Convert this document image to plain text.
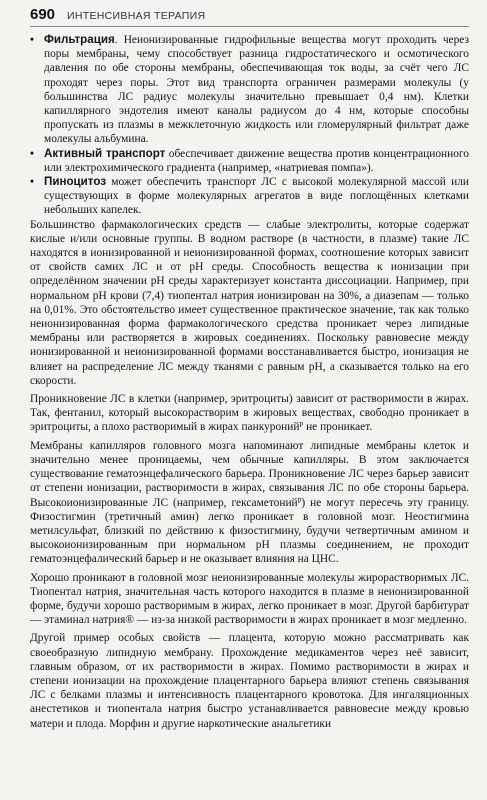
690 ИНТЕНСИВНАЯ ТЕРАПИЯ
• Фильтрация. Неионизированные гидрофильные вещества могут проходить через поры мембраны, чему способствует разница гидростатического и осмотического давления по обе стороны мембраны, обеспечивающая ток воды, за счёт чего ЛС проходят через поры. Этот вид транспорта ограничен размерами молекулы (у большинства ЛС радиус молекулы значительно превышает 0,4 нм). Клетки капиллярного эндотелия имеют каналы радиусом до 4 нм, которые способны пропускать из плазмы в межклеточную жидкость или гломерулярный фильтрат даже молекулы альбумина.
• Активный транспорт обеспечивает движение вещества против концентрационного или электрохимического градиента (например, «натриевая помпа»).
• Пиноцитоз может обеспечить транспорт ЛС с высокой молекулярной массой или существующих в форме молекулярных агрегатов в виде поглощённых клетками небольших капелек.

Большинство фармакологических средств — слабые электролиты, которые содержат кислые и/или основные группы. В водном растворе (в частности, в плазме) такие ЛС находятся в ионизированной и неионизированной формах, соотношение которых зависит от свойств самих ЛС и от pH среды. Способность вещества к ионизации при определённом значении pH среды характеризует константа диссоциации. Например, при нормальном pH крови (7,4) тиопентал натрия ионизирован на 30%, а диазепам — только на 0,01%. Это обстоятельство имеет существенное практическое значение, так как только неионизированная форма фармакологического средства проникает через липидные мембраны или растворяется в жировых соединениях. Поскольку равновесие между ионизированной и неионизированной формами восстанавливается быстро, ионизация не влияет на распределение ЛС между тканями с равным pH, а сказывается только на его скорости.

Проникновение ЛС в клетки (например, эритроциты) зависит от растворимости в жирах. Так, фентанил, который высокорастворим в жировых веществах, свободно проникает в эритроциты, а плохо растворимый в жирах панкуронийᴾ не проникает.

Мембраны капилляров головного мозга напоминают липидные мембраны клеток и значительно менее проницаемы, чем обычные капилляры. В этом заключается существование гематоэнцефалического барьера. Проникновение ЛС через барьер зависит от степени ионизации, растворимости в жирах, связывания ЛС по обе стороны барьера. Высокоионизированные ЛС (например, гексаметонийᴾ) не могут пересечь эту границу. Физостигмин (третичный амин) легко проникает в головной мозг. Неостигмина метилсульфат, близкий по действию к физостигмину, будучи четвертичным амином и высокоионизированным при нормальном pH плазмы соединением, не проходит гематоэнцефалический барьер и не оказывает влияния на ЦНС.

Хорошо проникают в головной мозг неионизированные молекулы жирорастворимых ЛС. Тиопентал натрия, значительная часть которого находится в плазме в неионизированной форме, будучи хорошо растворимым в жирах, легко проникает в мозг. Другой барбитурат — этаминал натрия® — из-за низкой растворимости в жирах проникает в мозг медленно.

Другой пример особых свойств — плацента, которую можно рассматривать как своеобразную липидную мембрану. Прохождение медикаментов через неё зависит, главным образом, от их растворимости в жирах. Помимо растворимости в жирах и степени ионизации на прохождение плацентарного барьера влияют степень связывания ЛС с белками плазмы и интенсивность плацентарного кровотока. Для ингаляционных анестетиков и тиопентала натрия быстро устанавливается равновесие между кровью матери и плода. Морфин и другие наркотические анальгетики
